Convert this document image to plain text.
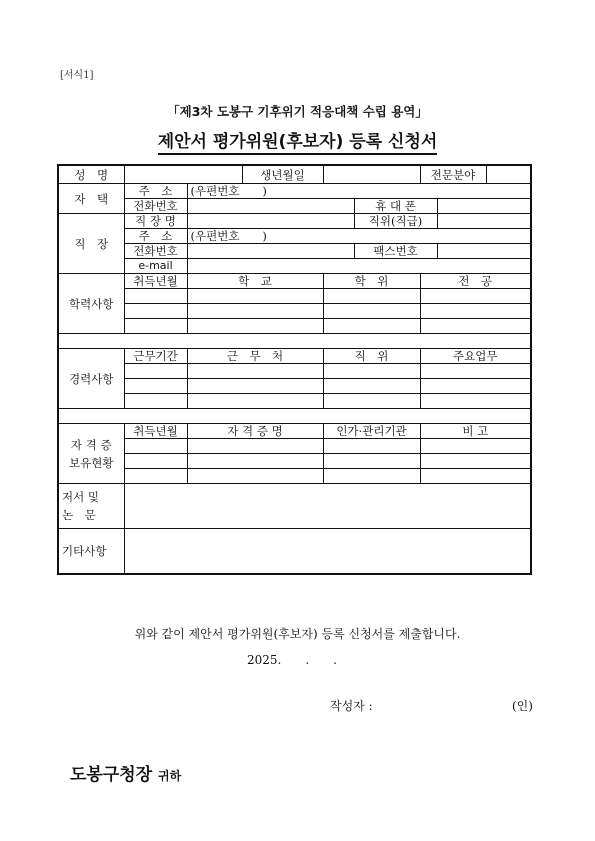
[서식1]
「제3차 도봉구 기후위기 적응대책 수립 용역」
제안서 평가위원(후보자) 등록 신청서
성　명			생년월일			전문분야		
자　택	주　소	(우편번호　　)						
	전화번호				휴 대 폰			
직　장	직 장 명				직위(직급)			
	주　소	(우편번호　　)						
	전화번호				팩스번호			
	e-mail							
학력사항	취득년월	학　교		학　위		전　공		

경력사항	근무기간	근　무　처		직　위		주요업무		

자 격 증
보유현황	취득년월	자 격 증 명		인가·관리기관		비 고		

저서 및
논　문								

기타사항								
위와 같이 제안서 평가위원(후보자) 등록 신청서를 제출합니다.
2025.　　.　　.
작성자 :	(인)
도봉구청장 귀하
